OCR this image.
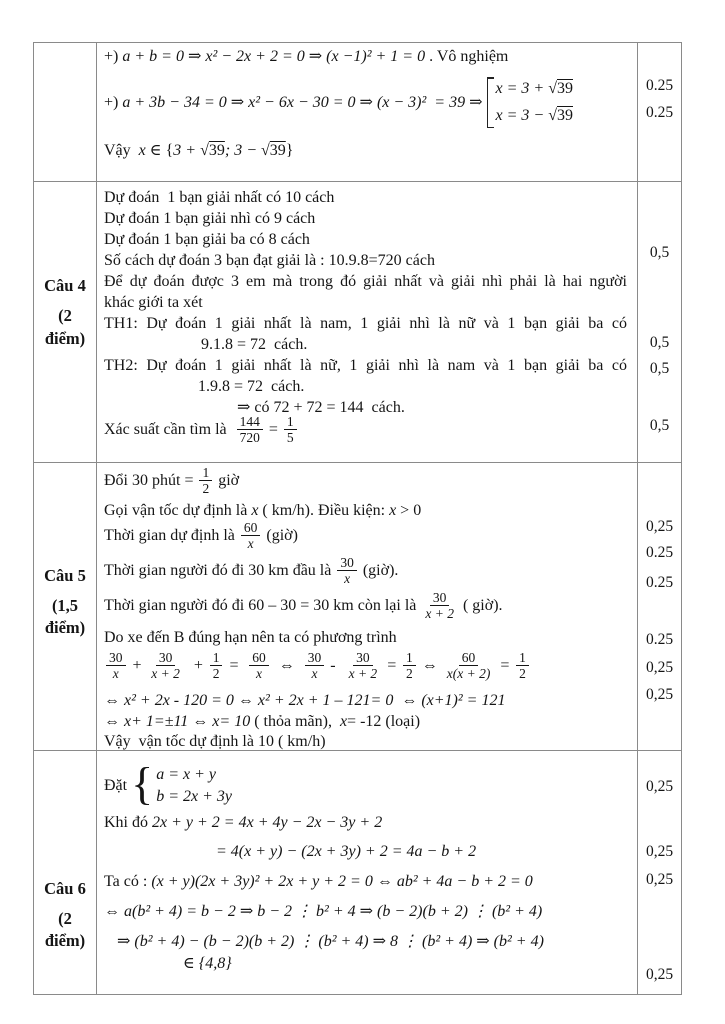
+) a + b = 0 ⇒ x² − 2x + 2 = 0 ⇒ (x −1)² + 1 = 0 . Vô nghiệm
+) a + 3b − 34 = 0 ⇒ x² − 6x − 30 = 0 ⇒ (x − 3)²  = 39 ⇒
x = 3 + √39
x = 3 − √39
Vậy  x ∈ {3 + √39; 3 − √39}
0.25
0.25
Câu 4
(2
điểm)
Dự đoán  1 bạn giải nhất có 10 cách
Dự đoán 1 bạn giải nhì có 9 cách
Dự đoán 1 bạn giải ba có 8 cách
Số cách dự đoán 3 bạn đạt giải là : 10.9.8=720 cách
Để dự đoán được 3 em mà trong đó giải nhất và giải nhì phải là hai người
khác giới ta xét
TH1: Dự đoán 1 giải nhất là nam, 1 giải nhì là nữ và 1 bạn giải ba có
9.1.8 = 72  cách.
TH2: Dự đoán 1 giải nhất là nữ, 1 giải nhì là nam và 1 bạn giải ba có
1.9.8 = 72  cách.
⇒ có 72 + 72 = 144  cách.
Xác suất cần tìm là $\frac{144}{720} = \frac{1}{5}$
0,5
0,5
0,5
0,5
Câu 5
(1,5
điểm)
Đổi 30 phút = $\frac{1}{2}$ giờ
Gọi vận tốc dự định là x ( km/h). Điều kiện: x > 0
Thời gian dự định là $\frac{60}{x}$ (giờ)
Thời gian người đó đi 30 km đầu là $\frac{30}{x}$ (giờ).
Thời gian người đó đi 60 – 30 = 30 km còn lại là $\frac{30}{x + 2}$ ( giờ).
Do xe đến B đúng hạn nên ta có phương trình
$\frac{30}{x} + \frac{30}{x + 2} + \frac{1}{2} = \frac{60}{x}$ ⇔ $\frac{30}{x} - \frac{30}{x + 2} = \frac{1}{2}$ ⇔ $\frac{60}{x(x + 2)} = \frac{1}{2}$
⇔ x² + 2x - 120 = 0 ⇔ x² + 2x + 1 – 121= 0  ⇔ (x+1)² = 121
⇔ x+ 1=±11 ⇔ x= 10 ( thỏa mãn),  x= -12 (loại)
Vậy  vận tốc dự định là 10 ( km/h)
0,25
0.25
0.25
0.25
0,25
0,25
Câu 6
(2
điểm)
Đặt { a = x + y
b = 2x + 3y
Khi đó 2x + y + 2 = 4x + 4y − 2x − 3y + 2
= 4(x + y) − (2x + 3y) + 2 = 4a − b + 2
Ta có : (x + y)(2x + 3y)² + 2x + y + 2 = 0 ⇔ ab² + 4a − b + 2 = 0
⇔ a(b² + 4) = b − 2 ⇒ b − 2 ⋮ b² + 4 ⇒ (b − 2)(b + 2) ⋮ (b² + 4)
⇒ (b² + 4) − (b − 2)(b + 2) ⋮ (b² + 4) ⇒ 8 ⋮ (b² + 4) ⇒ (b² + 4)
∈ {4,8}
0,25
0,25
0,25
0,25
